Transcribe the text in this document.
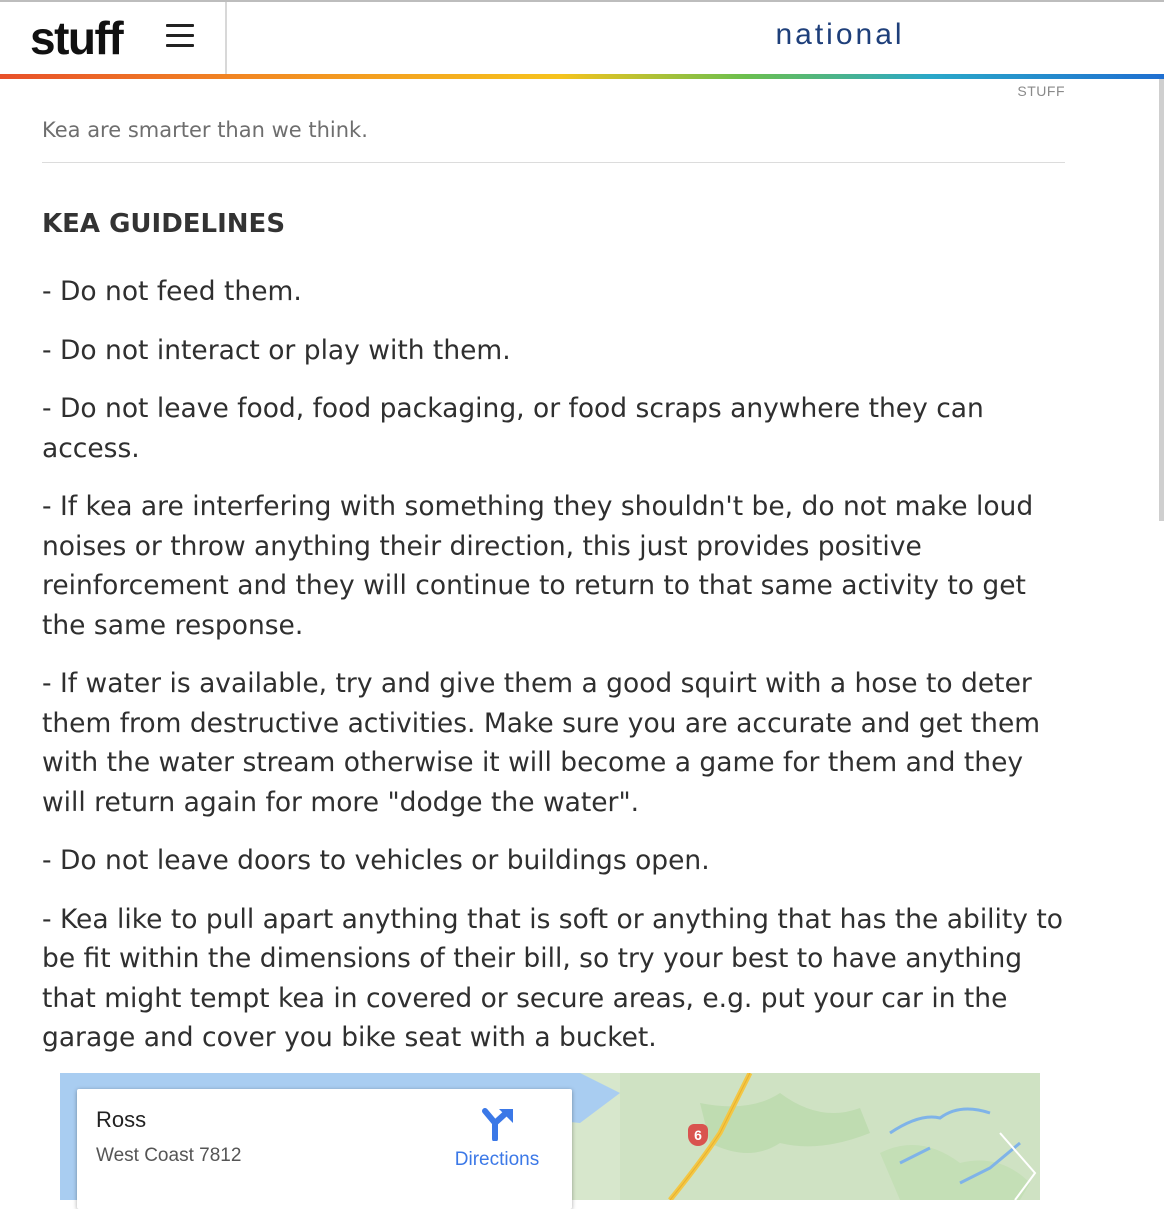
stuff	national
STUFF
Kea are smarter than we think.
KEA GUIDELINES

- Do not feed them.

- Do not interact or play with them.

- Do not leave food, food packaging, or food scraps anywhere they can access.

- If kea are interfering with something they shouldn't be, do not make loud noises or throw anything their direction, this just provides positive reinforcement and they will continue to return to that same activity to get the same response.

- If water is available, try and give them a good squirt with a hose to deter them from destructive activities. Make sure you are accurate and get them with the water stream otherwise it will become a game for them and they will return again for more "dodge the water".

- Do not leave doors to vehicles or buildings open.

- Kea like to pull apart anything that is soft or anything that has the ability to be fit within the dimensions of their bill, so try your best to have anything that might tempt kea in covered or secure areas, e.g. put your car in the garage and cover you bike seat with a bucket.

6
Ross
West Coast 7812	Directions
